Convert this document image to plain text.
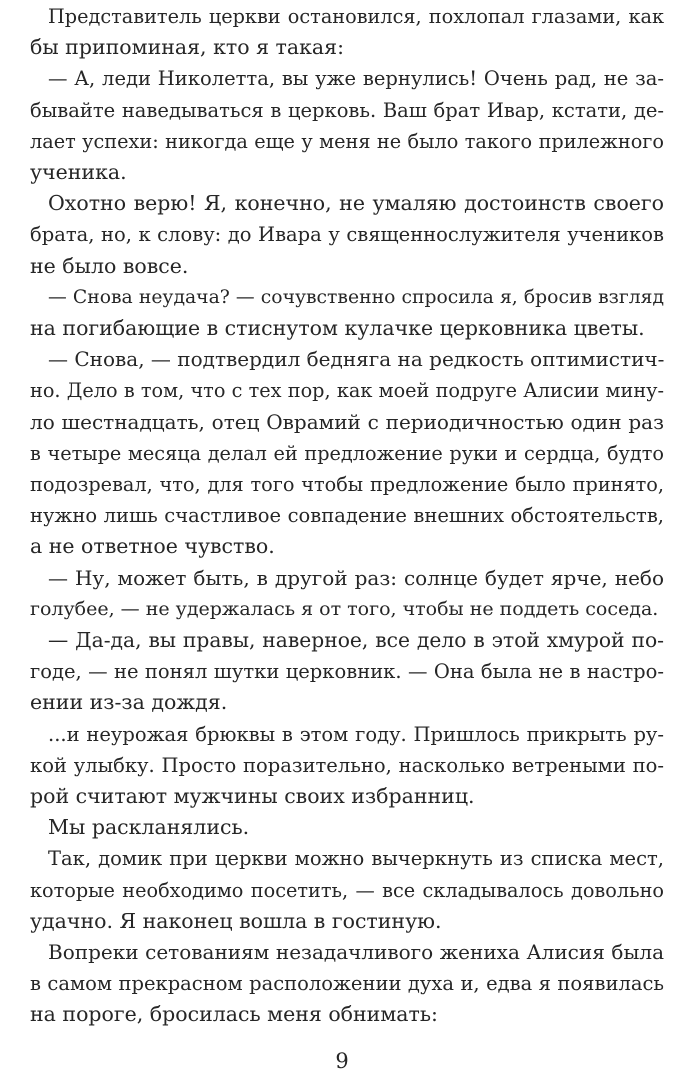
Представитель церкви остановился, похлопал глазами, как
бы припоминая, кто я такая:
— А, леди Николетта, вы уже вернулись! Очень рад, не за-
бывайте наведываться в церковь. Ваш брат Ивар, кстати, де-
лает успехи: никогда еще у меня не было такого прилежного
ученика.
Охотно верю! Я, конечно, не умаляю достоинств своего
брата, но, к слову: до Ивара у священнослужителя учеников
не было вовсе.
— Снова неудача? — сочувственно спросила я, бросив взгляд
на погибающие в стиснутом кулачке церковника цветы.
— Снова, — подтвердил бедняга на редкость оптимистич-
но. Дело в том, что с тех пор, как моей подруге Алисии мину-
ло шестнадцать, отец Оврамий с периодичностью один раз
в четыре месяца делал ей предложение руки и сердца, будто
подозревал, что, для того чтобы предложение было принято,
нужно лишь счастливое совпадение внешних обстоятельств,
а не ответное чувство.
— Ну, может быть, в другой раз: солнце будет ярче, небо
голубее, — не удержалась я от того, чтобы не поддеть соседа.
— Да-да, вы правы, наверное, все дело в этой хмурой по-
годе, — не понял шутки церковник. — Она была не в настро-
ении из-за дождя.
...и неурожая брюквы в этом году. Пришлось прикрыть ру-
кой улыбку. Просто поразительно, насколько ветреными по-
рой считают мужчины своих избранниц.
Мы раскланялись.
Так, домик при церкви можно вычеркнуть из списка мест,
которые необходимо посетить, — все складывалось довольно
удачно. Я наконец вошла в гостиную.
Вопреки сетованиям незадачливого жениха Алисия была
в самом прекрасном расположении духа и, едва я появилась
на пороге, бросилась меня обнимать:
9
